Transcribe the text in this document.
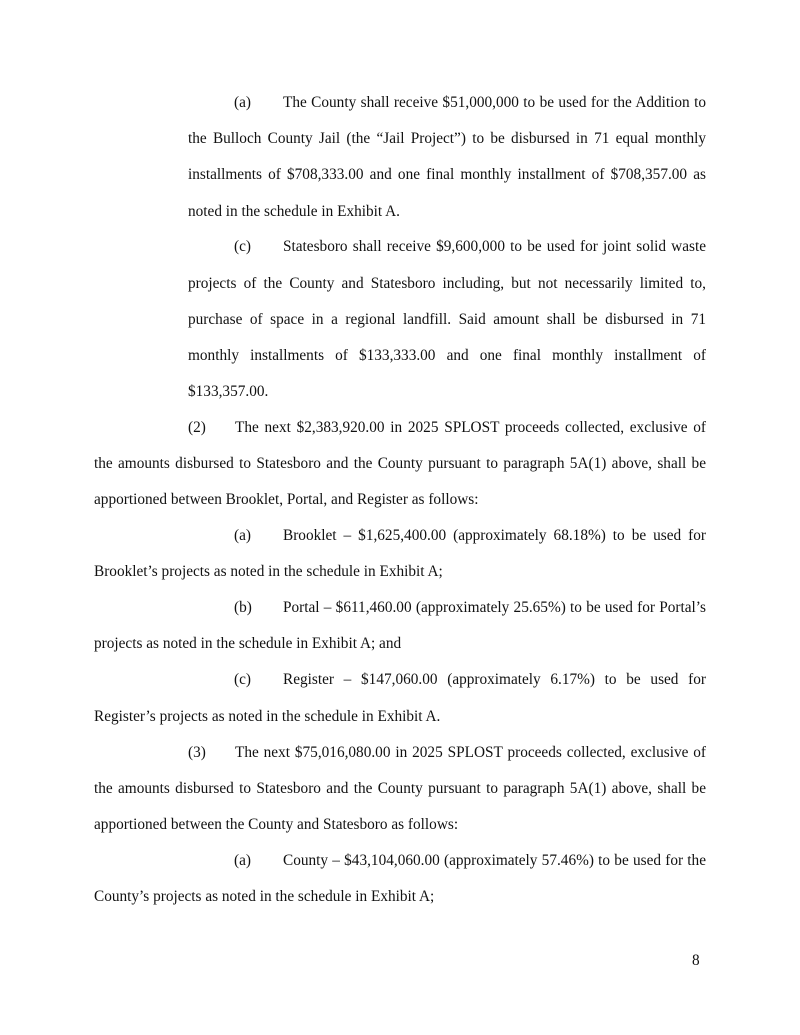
(a) The County shall receive $51,000,000 to be used for the Addition to
the Bulloch County Jail (the “Jail Project”) to be disbursed in 71 equal monthly
installments of $708,333.00 and one final monthly installment of $708,357.00 as
noted in the schedule in Exhibit A.
(c) Statesboro shall receive $9,600,000 to be used for joint solid waste
projects of the County and Statesboro including, but not necessarily limited to,
purchase of space in a regional landfill. Said amount shall be disbursed in 71
monthly installments of $133,333.00 and one final monthly installment of
$133,357.00.
(2) The next $2,383,920.00 in 2025 SPLOST proceeds collected, exclusive of
the amounts disbursed to Statesboro and the County pursuant to paragraph 5A(1) above, shall be
apportioned between Brooklet, Portal, and Register as follows:
(a) Brooklet – $1,625,400.00 (approximately 68.18%) to be used for
Brooklet’s projects as noted in the schedule in Exhibit A;
(b) Portal – $611,460.00 (approximately 25.65%) to be used for Portal’s
projects as noted in the schedule in Exhibit A; and
(c) Register – $147,060.00 (approximately 6.17%) to be used for
Register’s projects as noted in the schedule in Exhibit A.
(3) The next $75,016,080.00 in 2025 SPLOST proceeds collected, exclusive of
the amounts disbursed to Statesboro and the County pursuant to paragraph 5A(1) above, shall be
apportioned between the County and Statesboro as follows:
(a) County – $43,104,060.00 (approximately 57.46%) to be used for the
County’s projects as noted in the schedule in Exhibit A;
8
